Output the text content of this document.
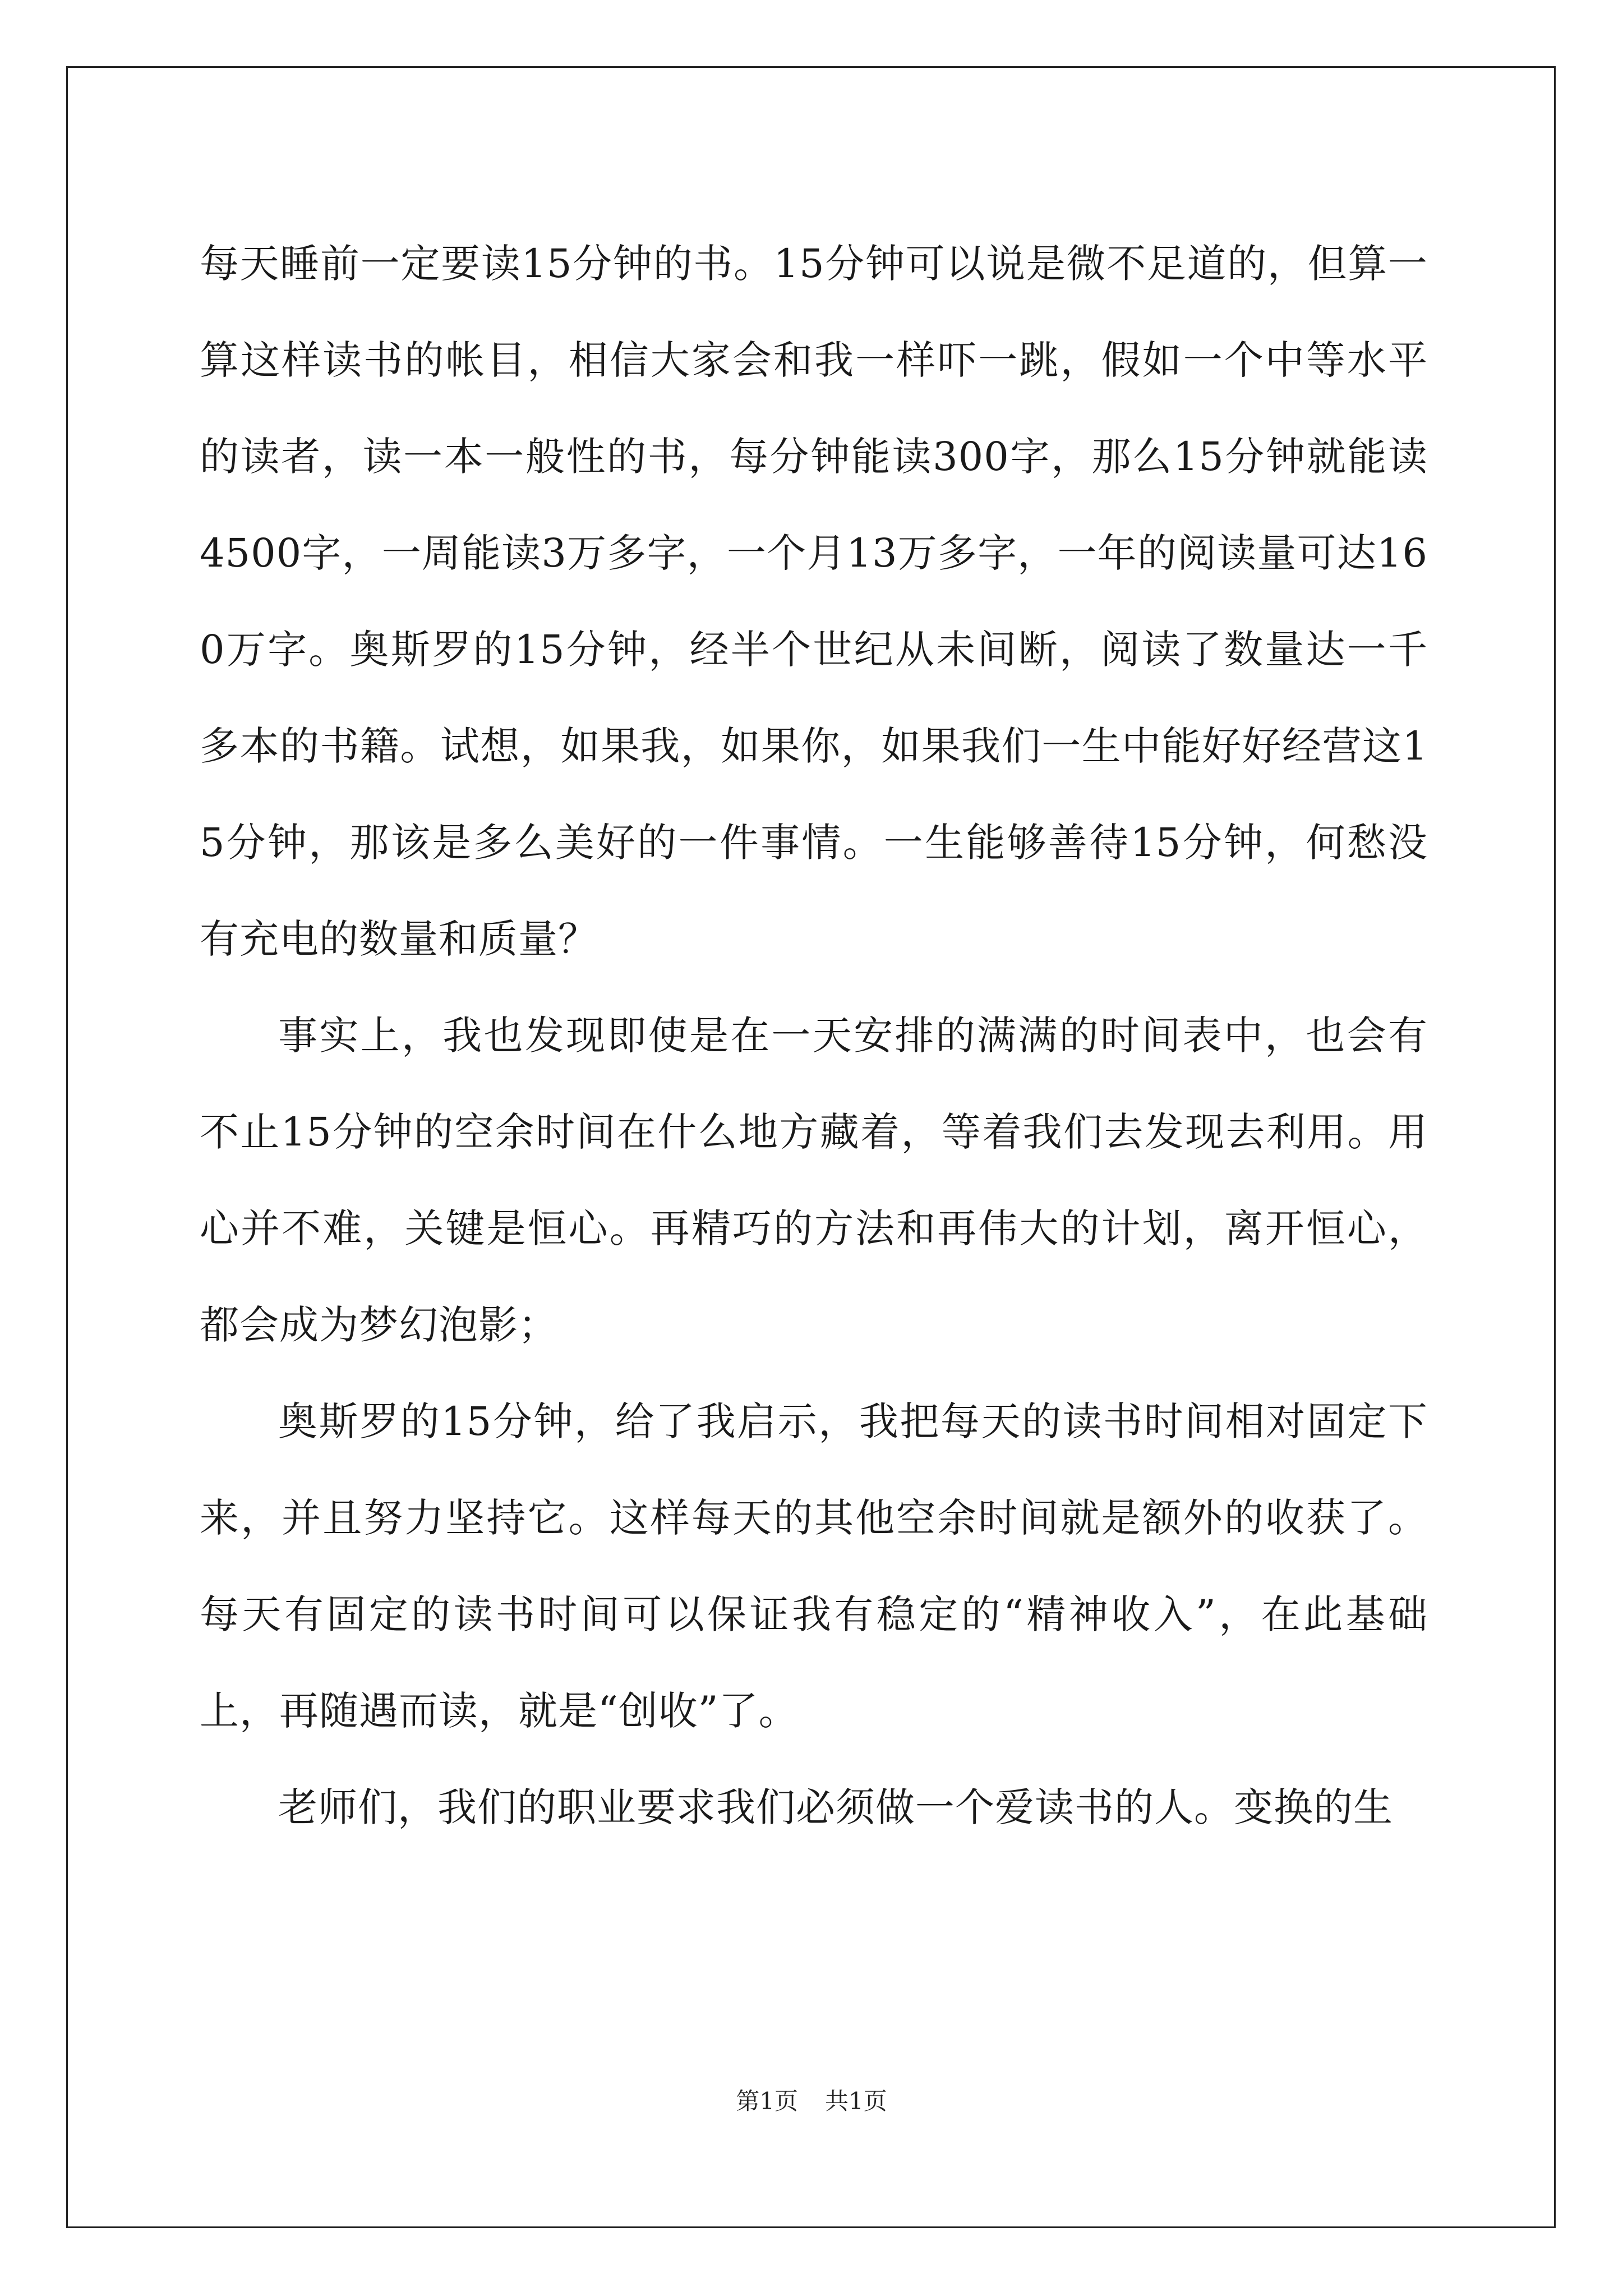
每天睡前一定要读15分钟的书。15分钟可以说是微不足道的，但算一算这样读书的帐目，相信大家会和我一样吓一跳，假如一个中等水平的读者，读一本一般性的书，每分钟能读300字，那么15分钟就能读4500字，一周能读3万多字，一个月13万多字，一年的阅读量可达160万字。奥斯罗的15分钟，经半个世纪从未间断，阅读了数量达一千多本的书籍。试想，如果我，如果你，如果我们一生中能好好经营这15分钟，那该是多么美好的一件事情。一生能够善待15分钟，何愁没有充电的数量和质量？

事实上，我也发现即使是在一天安排的满满的时间表中，也会有不止15分钟的空余时间在什么地方藏着，等着我们去发现去利用。用心并不难，关键是恒心。再精巧的方法和再伟大的计划，离开恒心，都会成为梦幻泡影；

奥斯罗的15分钟，给了我启示，我把每天的读书时间相对固定下来，并且努力坚持它。这样每天的其他空余时间就是额外的收获了。每天有固定的读书时间可以保证我有稳定的“精神收入”，在此基础上，再随遇而读，就是“创收”了。

老师们，我们的职业要求我们必须做一个爱读书的人。变换的生

第1页 共1页
